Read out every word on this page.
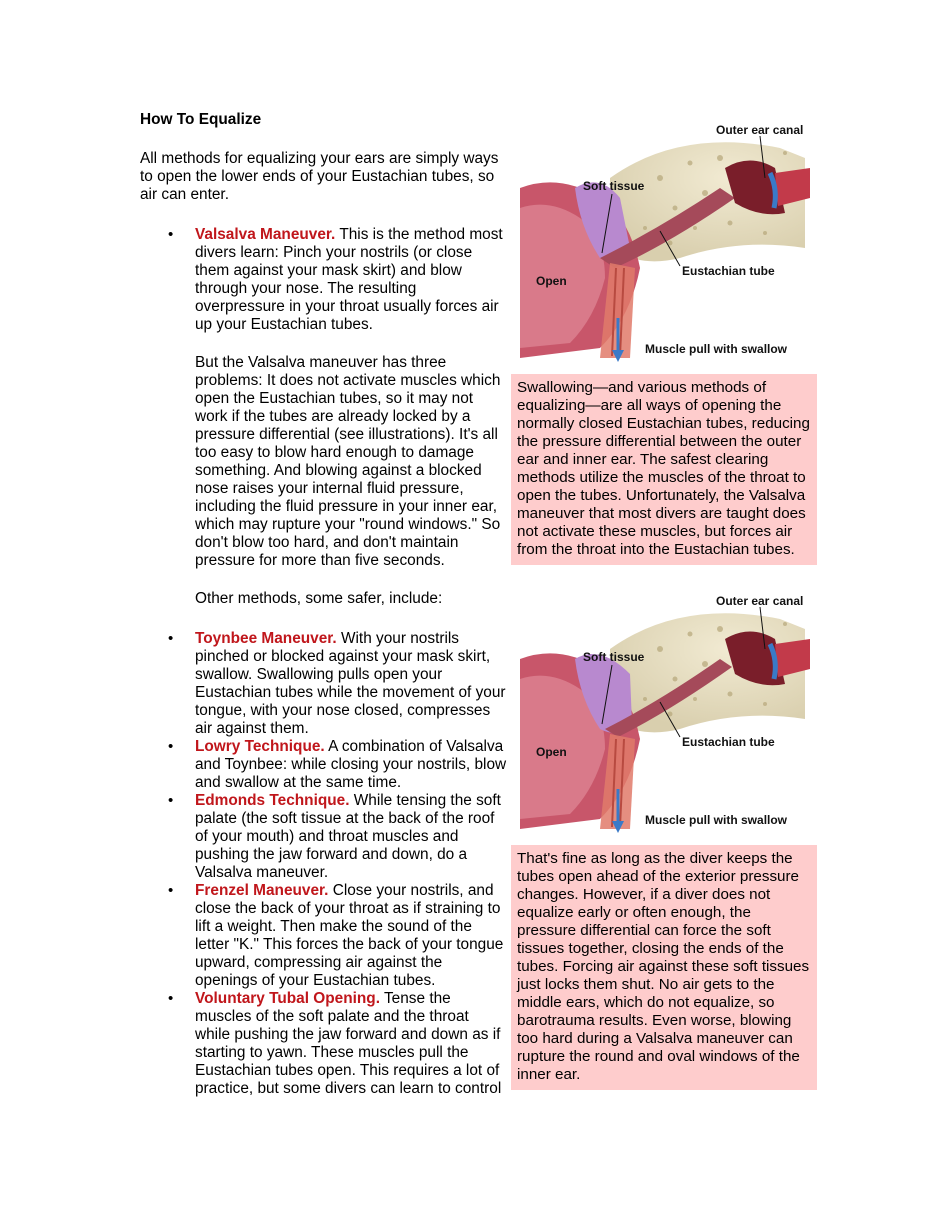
How To Equalize
All methods for equalizing your ears are simply ways to open the lower ends of your Eustachian tubes, so air can enter.
• Valsalva Maneuver. This is the method most divers learn: Pinch your nostrils (or close them against your mask skirt) and blow through your nose. The resulting overpressure in your throat usually forces air up your Eustachian tubes.
But the Valsalva maneuver has three problems: It does not activate muscles which open the Eustachian tubes, so it may not work if the tubes are already locked by a pressure differential (see illustrations). It's all too easy to blow hard enough to damage something. And blowing against a blocked nose raises your internal fluid pressure, including the fluid pressure in your inner ear, which may rupture your "round windows." So don't blow too hard, and don't maintain pressure for more than five seconds.
Other methods, some safer, include:
• Toynbee Maneuver. With your nostrils pinched or blocked against your mask skirt, swallow. Swallowing pulls open your Eustachian tubes while the movement of your tongue, with your nose closed, compresses air against them.
• Lowry Technique. A combination of Valsalva and Toynbee: while closing your nostrils, blow and swallow at the same time.
• Edmonds Technique. While tensing the soft palate (the soft tissue at the back of the roof of your mouth) and throat muscles and pushing the jaw forward and down, do a Valsalva maneuver.
• Frenzel Maneuver. Close your nostrils, and close the back of your throat as if straining to lift a weight. Then make the sound of the letter "K." This forces the back of your tongue upward, compressing air against the openings of your Eustachian tubes.
• Voluntary Tubal Opening. Tense the muscles of the soft palate and the throat while pushing the jaw forward and down as if starting to yawn. These muscles pull the Eustachian tubes open. This requires a lot of practice, but some divers can learn to control
Outer ear canal
Soft tissue
Eustachian tube
Open
Muscle pull with swallow
Swallowing—and various methods of equalizing—are all ways of opening the normally closed Eustachian tubes, reducing the pressure differential between the outer ear and inner ear. The safest clearing methods utilize the muscles of the throat to open the tubes. Unfortunately, the Valsalva maneuver that most divers are taught does not activate these muscles, but forces air from the throat into the Eustachian tubes.
Outer ear canal
Soft tissue
Eustachian tube
Open
Muscle pull with swallow
That's fine as long as the diver keeps the tubes open ahead of the exterior pressure changes. However, if a diver does not equalize early or often enough, the pressure differential can force the soft tissues together, closing the ends of the tubes. Forcing air against these soft tissues just locks them shut. No air gets to the middle ears, which do not equalize, so barotrauma results. Even worse, blowing too hard during a Valsalva maneuver can rupture the round and oval windows of the inner ear.
